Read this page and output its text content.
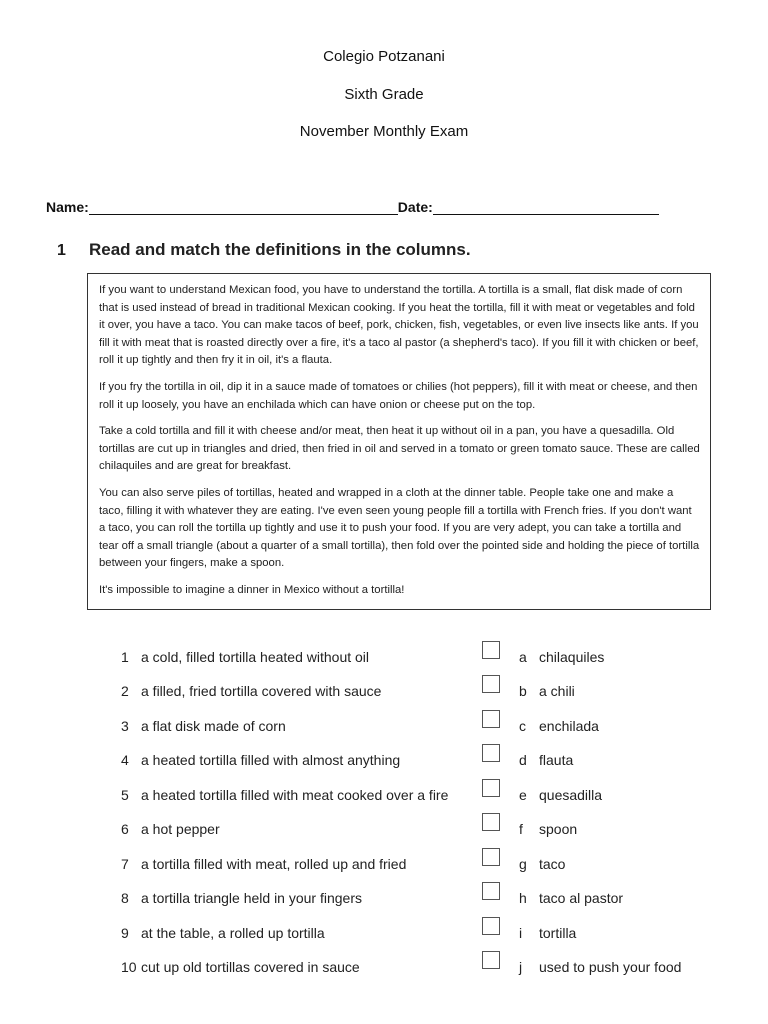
Colegio Potzanani
Sixth Grade
November Monthly Exam
Name:	Date:
1 Read and match the definitions in the columns.

If you want to understand Mexican food, you have to understand the tortilla. A tortilla is a small, flat disk made of corn that is used instead of bread in traditional Mexican cooking. If you heat the tortilla, fill it with meat or vegetables and fold it over, you have a taco. You can make tacos of beef, pork, chicken, fish, vegetables, or even live insects like ants. If you fill it with meat that is roasted directly over a fire, it's a taco al pastor (a shepherd's taco). If you fill it with chicken or beef, roll it up tightly and then fry it in oil, it's a flauta.

If you fry the tortilla in oil, dip it in a sauce made of tomatoes or chilies (hot peppers), fill it with meat or cheese, and then roll it up loosely, you have an enchilada which can have onion or cheese put on the top.

Take a cold tortilla and fill it with cheese and/or meat, then heat it up without oil in a pan, you have a quesadilla. Old tortillas are cut up in triangles and dried, then fried in oil and served in a tomato or green tomato sauce. These are called chilaquiles and are great for breakfast.

You can also serve piles of tortillas, heated and wrapped in a cloth at the dinner table. People take one and make a taco, filling it with whatever they are eating. I've even seen young people fill a tortilla with French fries. If you don't want a taco, you can roll the tortilla up tightly and use it to push your food. If you are very adept, you can take a tortilla and tear off a small triangle (about a quarter of a small tortilla), then fold over the pointed side and holding the piece of tortilla between your fingers, make a spoon.

It's impossible to imagine a dinner in Mexico without a tortilla!

1 a cold, filled tortilla heated without oil	a chilaquiles
2 a filled, fried tortilla covered with sauce	b a chili
3 a flat disk made of corn	c enchilada
4 a heated tortilla filled with almost anything	d flauta
5 a heated tortilla filled with meat cooked over a fire	e quesadilla
6 a hot pepper	f spoon
7 a tortilla filled with meat, rolled up and fried	g taco
8 a tortilla triangle held in your fingers	h taco al pastor
9 at the table, a rolled up tortilla	i tortilla
10 cut up old tortillas covered in sauce	j used to push your food
